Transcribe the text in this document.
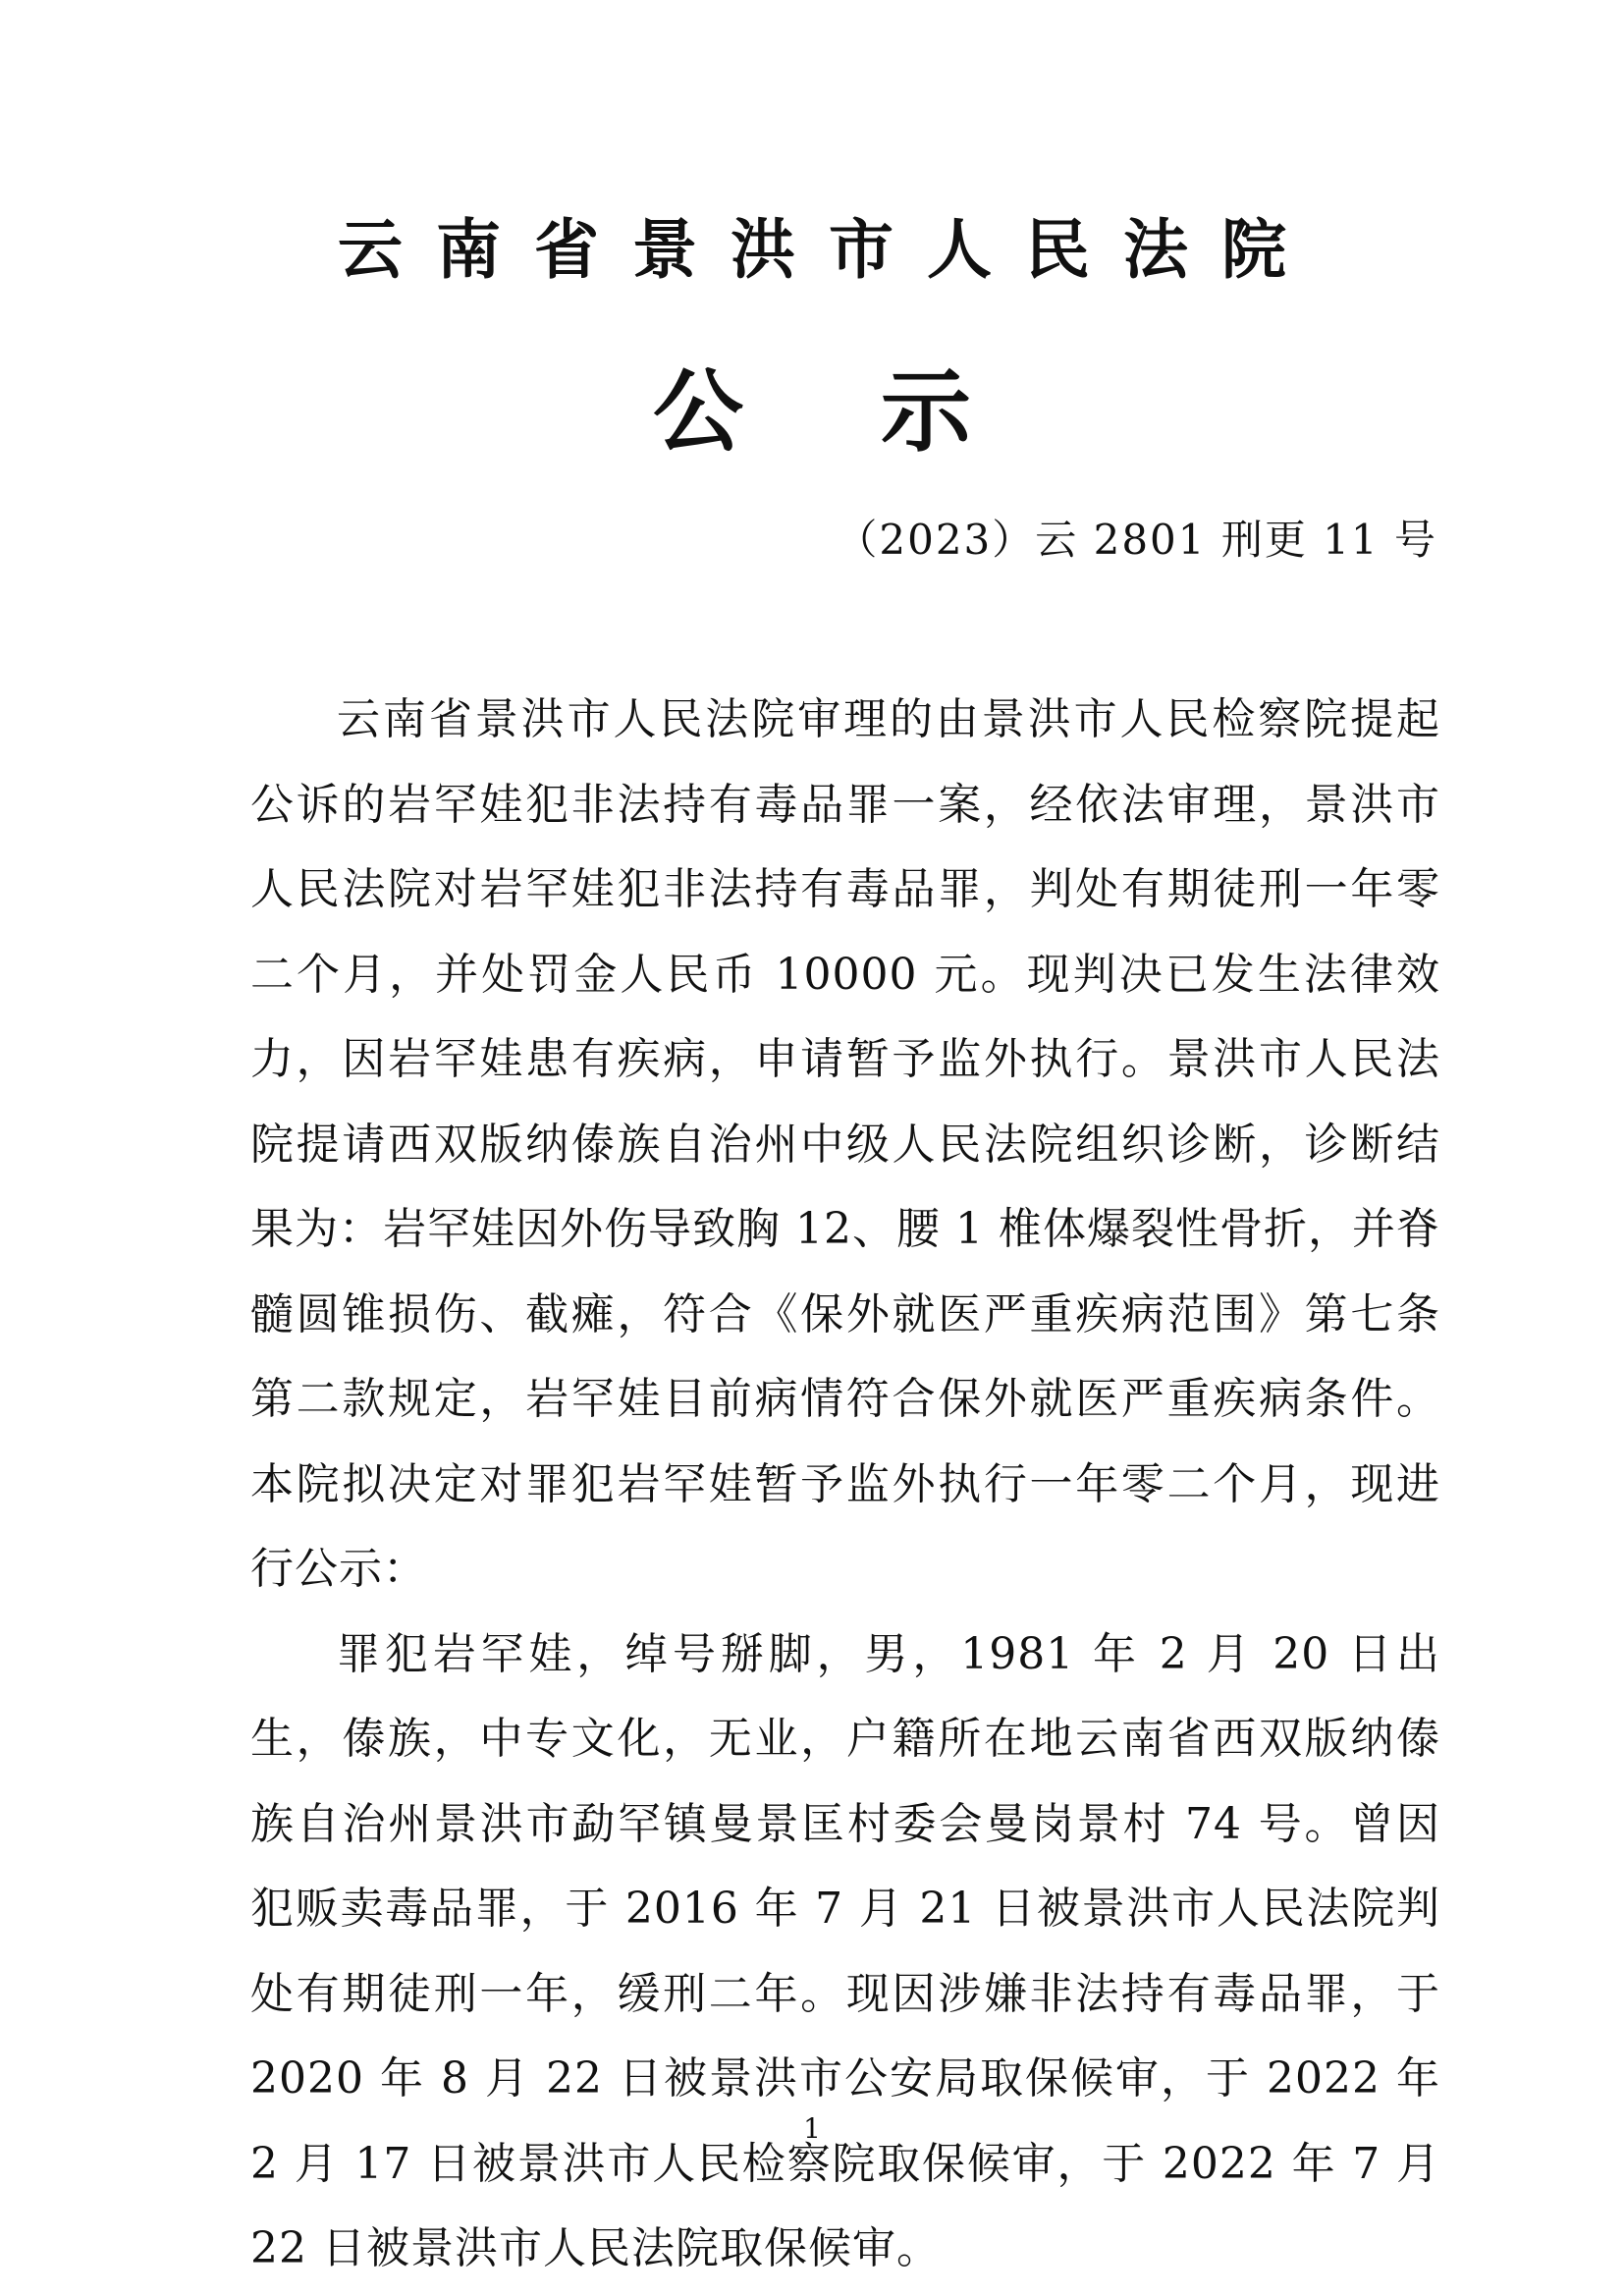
云南省景洪市人民法院
公示
（2023）云 2801 刑更 11 号

云南省景洪市人民法院审理的由景洪市人民检察院提起公诉的岩罕娃犯非法持有毒品罪一案，经依法审理，景洪市人民法院对岩罕娃犯非法持有毒品罪，判处有期徒刑一年零二个月，并处罚金人民币 10000 元。现判决已发生法律效力，因岩罕娃患有疾病，申请暂予监外执行。景洪市人民法院提请西双版纳傣族自治州中级人民法院组织诊断，诊断结果为：岩罕娃因外伤导致胸 12、腰 1 椎体爆裂性骨折，并脊髓圆锥损伤、截瘫，符合《保外就医严重疾病范围》第七条第二款规定，岩罕娃目前病情符合保外就医严重疾病条件。本院拟决定对罪犯岩罕娃暂予监外执行一年零二个月，现进行公示：

罪犯岩罕娃，绰号掰脚，男，1981 年 2 月 20 日出生，傣族，中专文化，无业，户籍所在地云南省西双版纳傣族自治州景洪市勐罕镇曼景匡村委会曼岗景村 74 号。曾因犯贩卖毒品罪，于 2016 年 7 月 21 日被景洪市人民法院判处有期徒刑一年，缓刑二年。现因涉嫌非法持有毒品罪，于 2020 年 8 月 22 日被景洪市公安局取保候审，于 2022 年 2 月 17 日被景洪市人民检察院取保候审，于 2022 年 7 月 22 日被景洪市人民法院取保候审。

1
